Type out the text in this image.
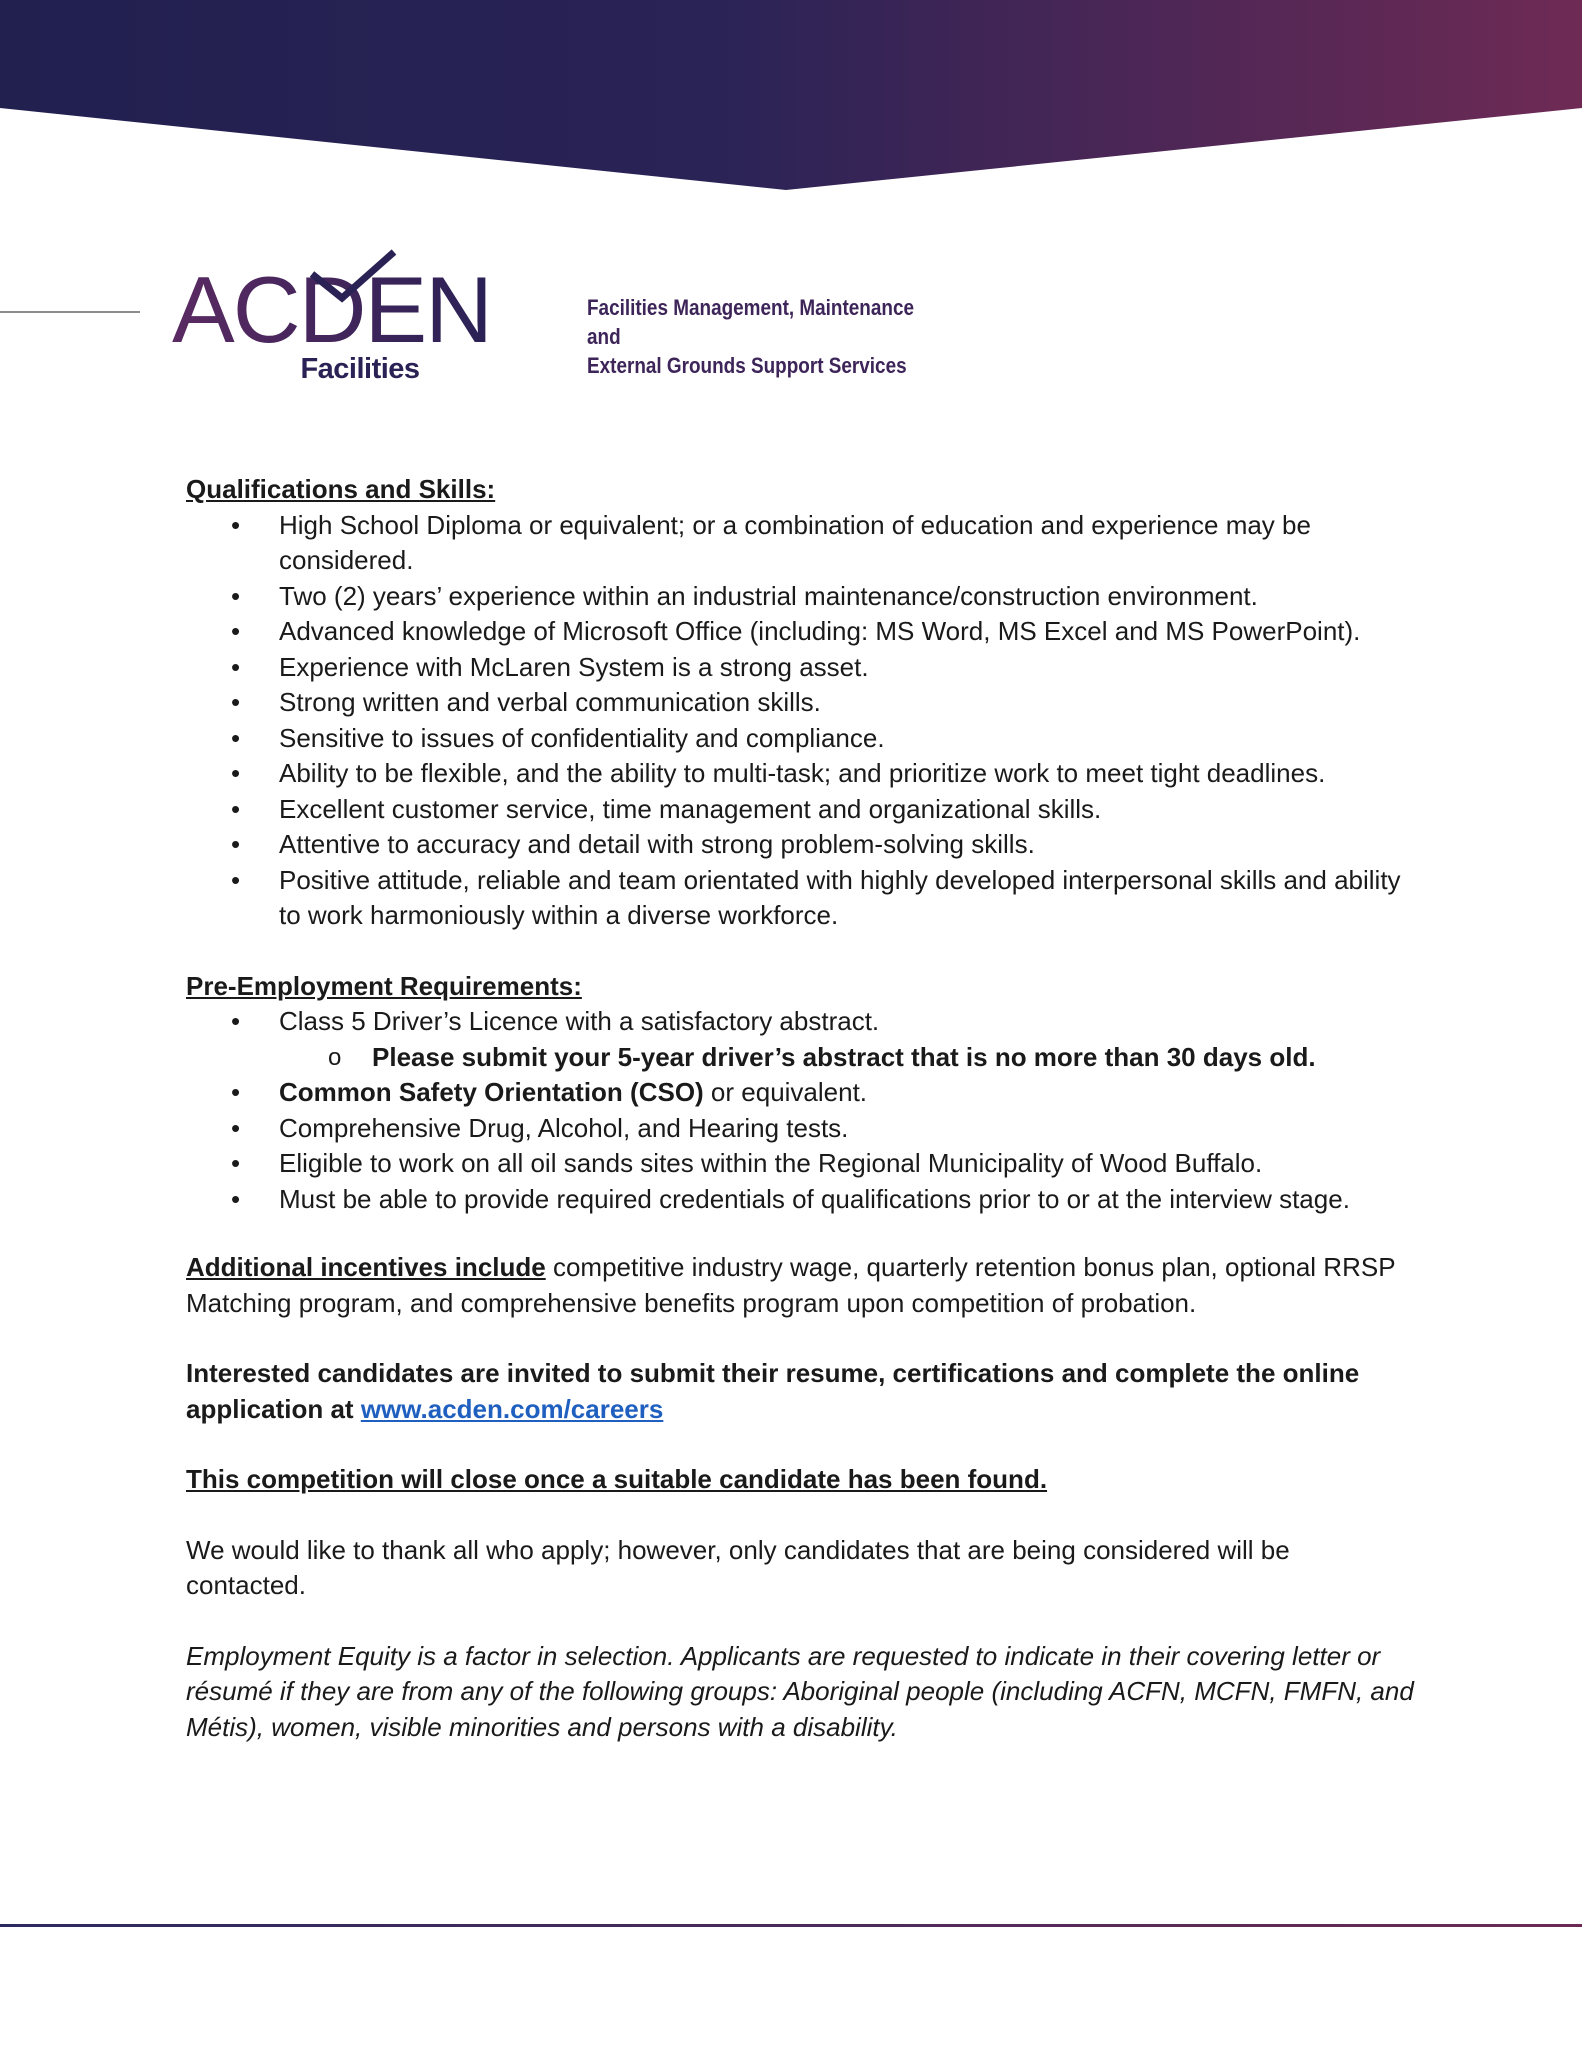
ACDEN
Facilities
Facilities Management, Maintenance and
External Grounds Support Services

Qualifications and Skills:

• High School Diploma or equivalent; or a combination of education and experience may be considered.
• Two (2) years’ experience within an industrial maintenance/construction environment.
• Advanced knowledge of Microsoft Office (including: MS Word, MS Excel and MS PowerPoint).
• Experience with McLaren System is a strong asset.
• Strong written and verbal communication skills.
• Sensitive to issues of confidentiality and compliance.
• Ability to be flexible, and the ability to multi-task; and prioritize work to meet tight deadlines.
• Excellent customer service, time management and organizational skills.
• Attentive to accuracy and detail with strong problem-solving skills.
• Positive attitude, reliable and team orientated with highly developed interpersonal skills and ability to work harmoniously within a diverse workforce.

Pre-Employment Requirements:

• Class 5 Driver’s Licence with a satisfactory abstract.
o Please submit your 5-year driver’s abstract that is no more than 30 days old.
• Common Safety Orientation (CSO) or equivalent.
• Comprehensive Drug, Alcohol, and Hearing tests.
• Eligible to work on all oil sands sites within the Regional Municipality of Wood Buffalo.
• Must be able to provide required credentials of qualifications prior to or at the interview stage.

Additional incentives include competitive industry wage, quarterly retention bonus plan, optional RRSP Matching program, and comprehensive benefits program upon competition of probation.

Interested candidates are invited to submit their resume, certifications and complete the online application at www.acden.com/careers

This competition will close once a suitable candidate has been found.

We would like to thank all who apply; however, only candidates that are being considered will be contacted.

Employment Equity is a factor in selection. Applicants are requested to indicate in their covering letter or résumé if they are from any of the following groups: Aboriginal people (including ACFN, MCFN, FMFN, and Métis), women, visible minorities and persons with a disability.
